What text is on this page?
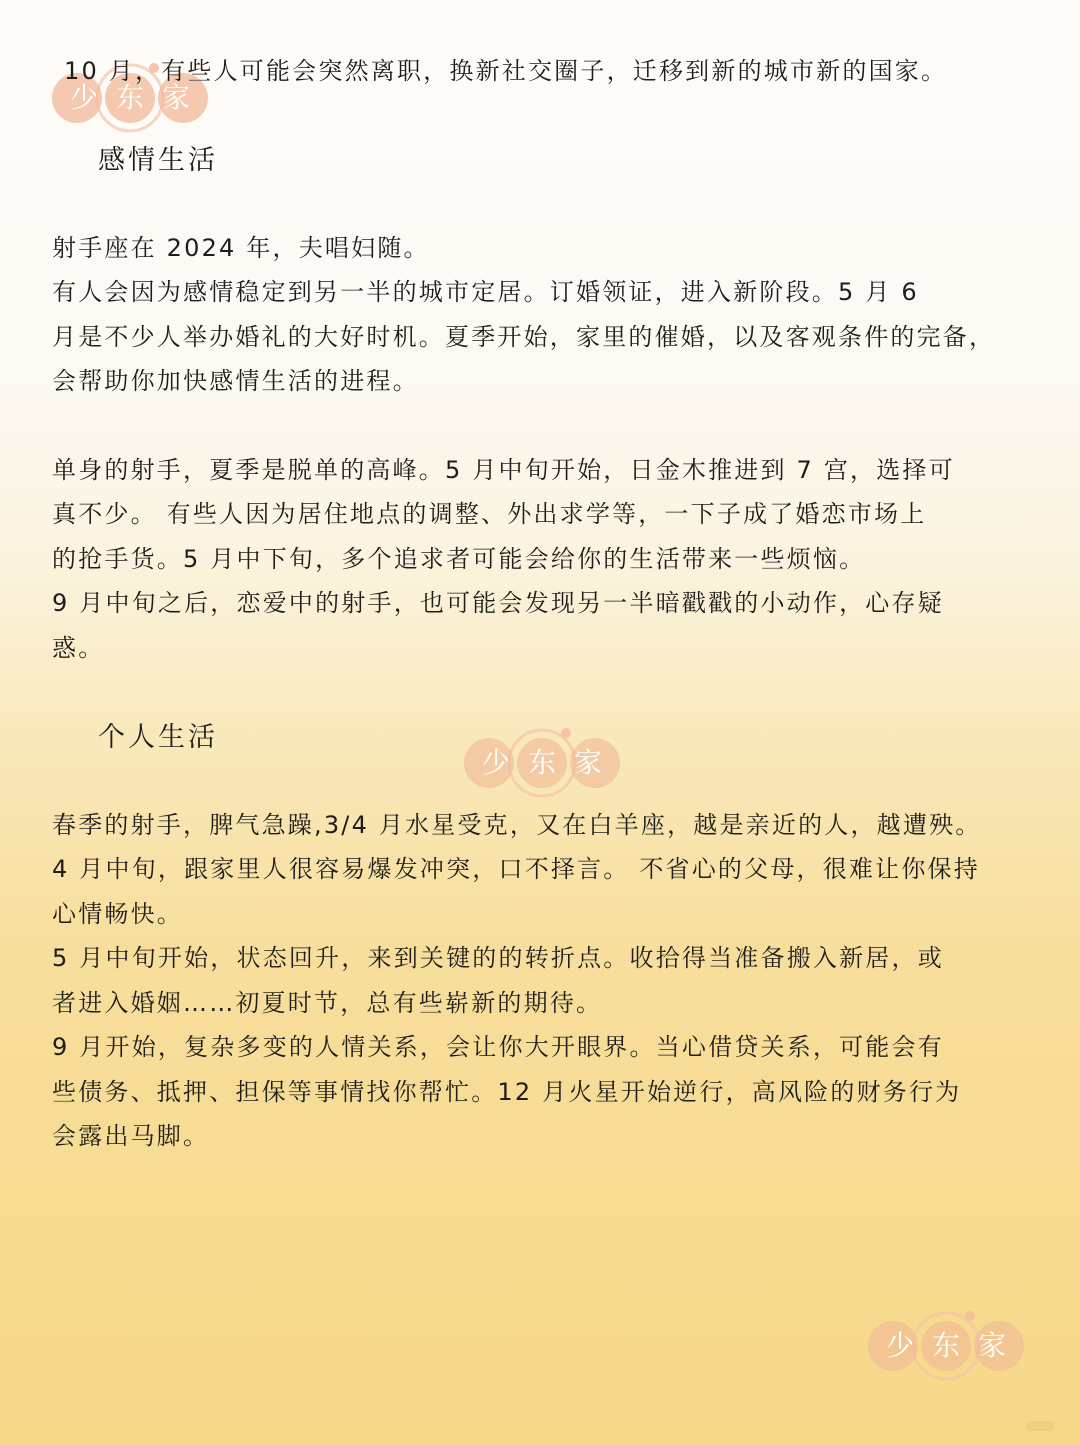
少 东 家
少 东 家
少 东 家
10 月，有些人可能会突然离职，换新社交圈子，迁移到新的城市新的国家。
感情生活
射手座在 2024 年，夫唱妇随。
有人会因为感情稳定到另一半的城市定居。订婚领证，进入新阶段。5 月 6
月是不少人举办婚礼的大好时机。夏季开始，家里的催婚，以及客观条件的完备，
会帮助你加快感情生活的进程。
单身的射手，夏季是脱单的高峰。5 月中旬开始，日金木推进到 7 宫，选择可
真不少。 有些人因为居住地点的调整、外出求学等，一下子成了婚恋市场上
的抢手货。5 月中下旬，多个追求者可能会给你的生活带来一些烦恼。
9 月中旬之后，恋爱中的射手，也可能会发现另一半暗戳戳的小动作，心存疑
惑。
个人生活
春季的射手，脾气急躁,3/4 月水星受克，又在白羊座，越是亲近的人，越遭殃。
4 月中旬，跟家里人很容易爆发冲突，口不择言。 不省心的父母，很难让你保持
心情畅快。
5 月中旬开始，状态回升，来到关键的的转折点。收拾得当准备搬入新居，或
者进入婚姻……初夏时节，总有些崭新的期待。
9 月开始，复杂多变的人情关系，会让你大开眼界。当心借贷关系，可能会有
些债务、抵押、担保等事情找你帮忙。12 月火星开始逆行，高风险的财务行为
会露出马脚。
